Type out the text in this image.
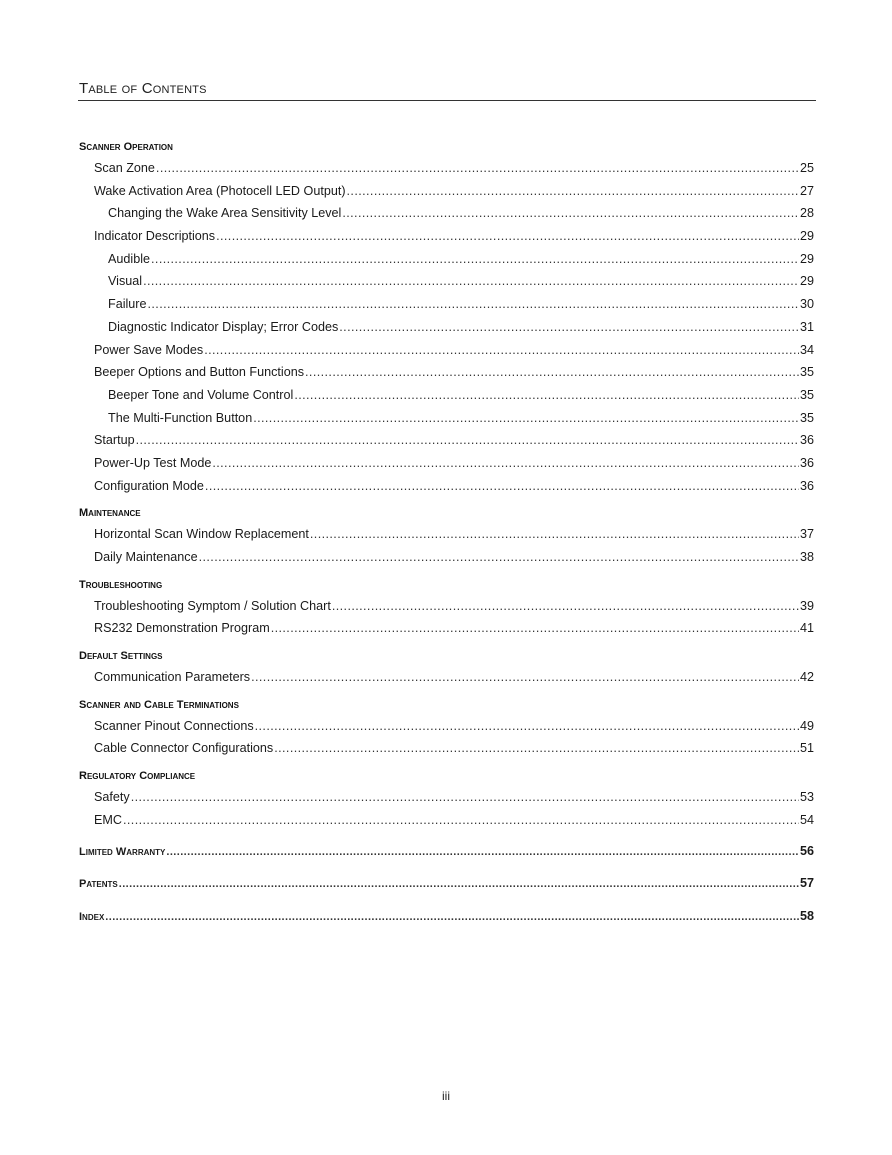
Table of Contents
Scanner Operation
Scan Zone .....	25
Wake Activation Area (Photocell LED Output) .....	27
Changing the Wake Area Sensitivity Level .....	28
Indicator Descriptions .....	29
Audible .....	29
Visual .....	29
Failure .....	30
Diagnostic Indicator Display; Error Codes .....	31
Power Save Modes .....	34
Beeper Options and Button Functions .....	35
Beeper Tone and Volume Control .....	35
The Multi-Function Button .....	35
Startup .....	36
Power-Up Test Mode .....	36
Configuration Mode .....	36
Maintenance
Horizontal Scan Window Replacement .....	37
Daily Maintenance .....	38
Troubleshooting
Troubleshooting Symptom / Solution Chart .....	39
RS232 Demonstration Program .....	41
Default Settings
Communication Parameters .....	42
Scanner and Cable Terminations
Scanner Pinout Connections .....	49
Cable Connector Configurations .....	51
Regulatory Compliance
Safety .....	53
EMC .....	54
Limited Warranty .....	56
Patents .....	57
Index .....	58
iii
